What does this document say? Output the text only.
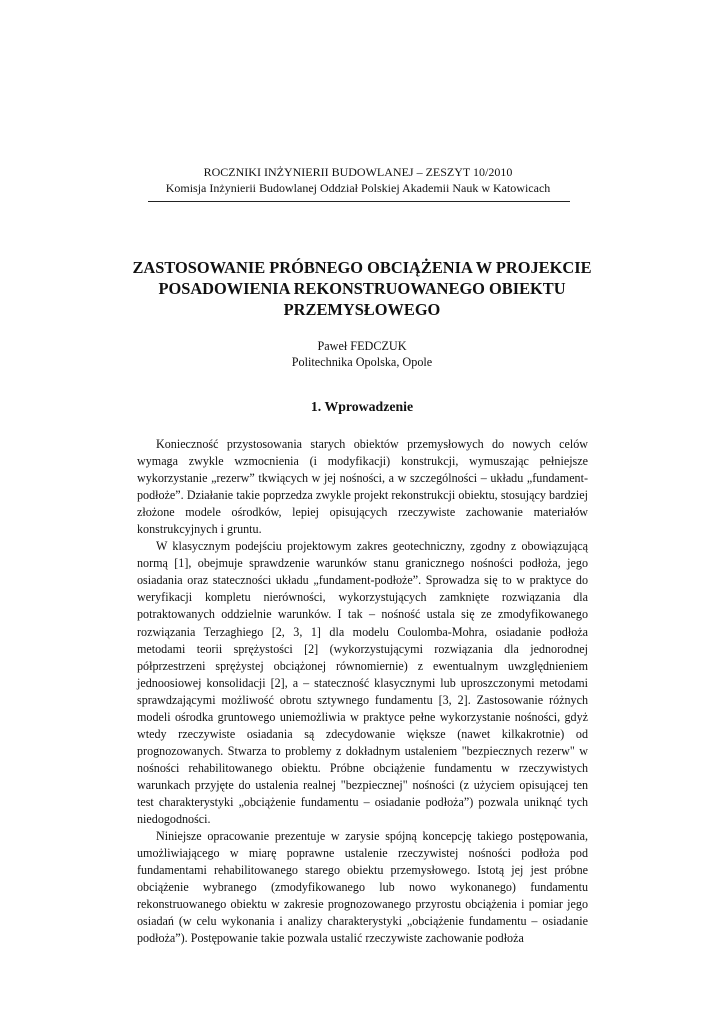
ROCZNIKI INŻYNIERII BUDOWLANEJ – ZESZYT 10/2010
Komisja Inżynierii Budowlanej Oddział Polskiej Akademii Nauk w Katowicach
ZASTOSOWANIE PRÓBNEGO OBCIĄŻENIA W PROJEKCIE
POSADOWIENIA REKONSTRUOWANEGO OBIEKTU
PRZEMYSŁOWEGO
Paweł FEDCZUK
Politechnika Opolska, Opole
1. Wprowadzenie

Konieczność przystosowania starych obiektów przemysłowych do nowych celów wymaga zwykle wzmocnienia (i modyfikacji) konstrukcji, wymuszając pełniejsze wykorzystanie „rezerw” tkwiących w jej nośności, a w szczególności – układu „fundament-podłoże”. Działanie takie poprzedza zwykle projekt rekonstrukcji obiektu, stosujący bardziej złożone modele ośrodków, lepiej opisujących rzeczywiste zachowanie materiałów konstrukcyjnych i gruntu.

W klasycznym podejściu projektowym zakres geotechniczny, zgodny z obowiązującą normą [1], obejmuje sprawdzenie warunków stanu granicznego nośności podłoża, jego osiadania oraz stateczności układu „fundament-podłoże”. Sprowadza się to w praktyce do weryfikacji kompletu nierówności, wykorzystujących zamknięte rozwiązania dla potraktowanych oddzielnie warunków. I tak – nośność ustala się ze zmodyfikowanego rozwiązania Terzaghiego [2, 3, 1] dla modelu Coulomba-Mohra, osiadanie podłoża metodami teorii sprężystości [2] (wykorzystującymi rozwiązania dla jednorodnej półprzestrzeni sprężystej obciążonej równomiernie) z ewentualnym uwzględnieniem jednoosiowej konsolidacji [2], a – stateczność klasycznymi lub uproszczonymi metodami sprawdzającymi możliwość obrotu sztywnego fundamentu [3, 2]. Zastosowanie różnych modeli ośrodka gruntowego uniemożliwia w praktyce pełne wykorzystanie nośności, gdyż wtedy rzeczywiste osiadania są zdecydowanie większe (nawet kilkakrotnie) od prognozowanych. Stwarza to problemy z dokładnym ustaleniem "bezpiecznych rezerw" w nośności rehabilitowanego obiektu. Próbne obciążenie fundamentu w rzeczywistych warunkach przyjęte do ustalenia realnej "bezpiecznej" nośności (z użyciem opisującej ten test charakterystyki „obciążenie fundamentu – osiadanie podłoża”) pozwala uniknąć tych niedogodności.

Niniejsze opracowanie prezentuje w zarysie spójną koncepcję takiego postępowania, umożliwiającego w miarę poprawne ustalenie rzeczywistej nośności podłoża pod fundamentami rehabilitowanego starego obiektu przemysłowego. Istotą jej jest próbne obciążenie wybranego (zmodyfikowanego lub nowo wykonanego) fundamentu rekonstruowanego obiektu w zakresie prognozowanego przyrostu obciążenia i pomiar jego osiadań (w celu wykonania i analizy charakterystyki „obciążenie fundamentu – osiadanie podłoża”). Postępowanie takie pozwala ustalić rzeczywiste zachowanie podłoża
